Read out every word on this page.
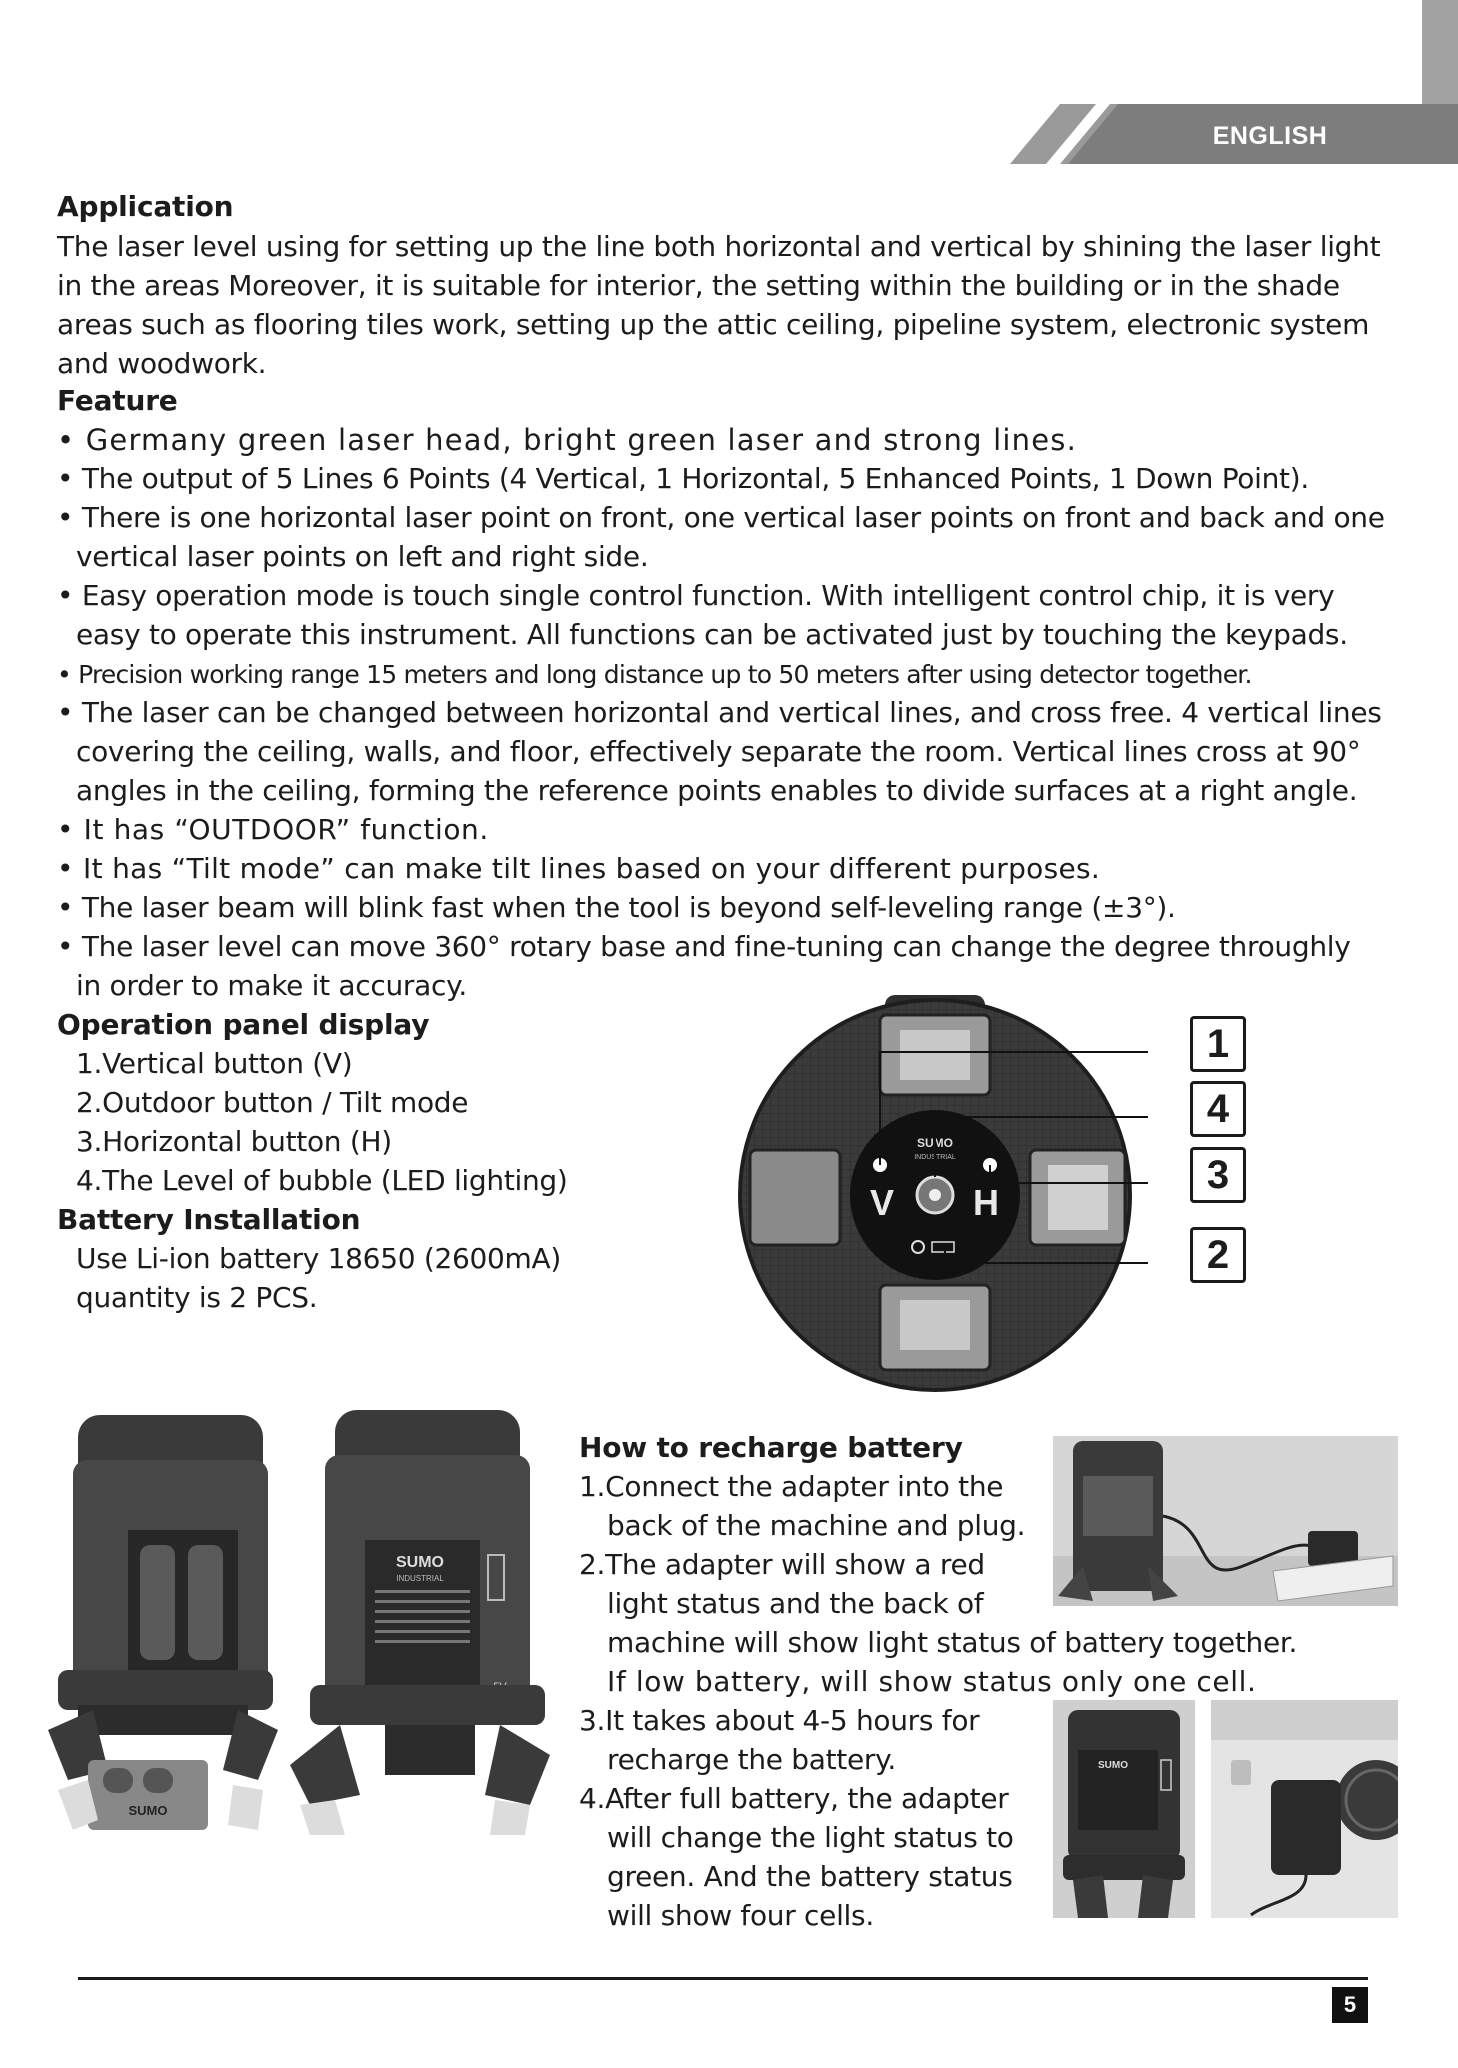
ENGLISH
Application
The laser level using for setting up the line both horizontal and vertical by shining the laser light
in the areas Moreover, it is suitable for interior, the setting within the building or in the shade
areas such as flooring tiles work, setting up the attic ceiling, pipeline system, electronic system
and woodwork.
Feature
• Germany green laser head, bright green laser and strong lines.
• The output of 5 Lines 6 Points (4 Vertical, 1 Horizontal, 5 Enhanced Points, 1 Down Point).
• There is one horizontal laser point on front, one vertical laser points on front and back and one
vertical laser points on left and right side.
• Easy operation mode is touch single control function. With intelligent control chip, it is very
easy to operate this instrument. All functions can be activated just by touching the keypads.
• Precision working range 15 meters and long distance up to 50 meters after using detector together.
• The laser can be changed between horizontal and vertical lines, and cross free. 4 vertical lines
covering the ceiling, walls, and floor, effectively separate the room. Vertical lines cross at 90°
angles in the ceiling, forming the reference points enables to divide surfaces at a right angle.
• It has “OUTDOOR” function.
• It has “Tilt mode” can make tilt lines based on your different purposes.
• The laser beam will blink fast when the tool is beyond self-leveling range (±3°).
• The laser level can move 360° rotary base and fine-tuning can change the degree throughly
in order to make it accuracy.
Operation panel display
1.Vertical button (V)
2.Outdoor button / Tilt mode
3.Horizontal button (H)
4.The Level of bubble (LED lighting)
Battery Installation
Use Li-ion battery 18650 (2600mA)
quantity is 2 PCS.
V H
SUMO
INDUSTRIAL
1
4
3
2
SUMO
SUMO
INDUSTRIAL
How to recharge battery
1.Connect the adapter into the
back of the machine and plug.
2.The adapter will show a red
light status and the back of
machine will show light status of battery together.
If low battery, will show status only one cell.
3.It takes about 4-5 hours for
recharge the battery.
4.After full battery, the adapter
will change the light status to
green. And the battery status
will show four cells.
SUMO
5
